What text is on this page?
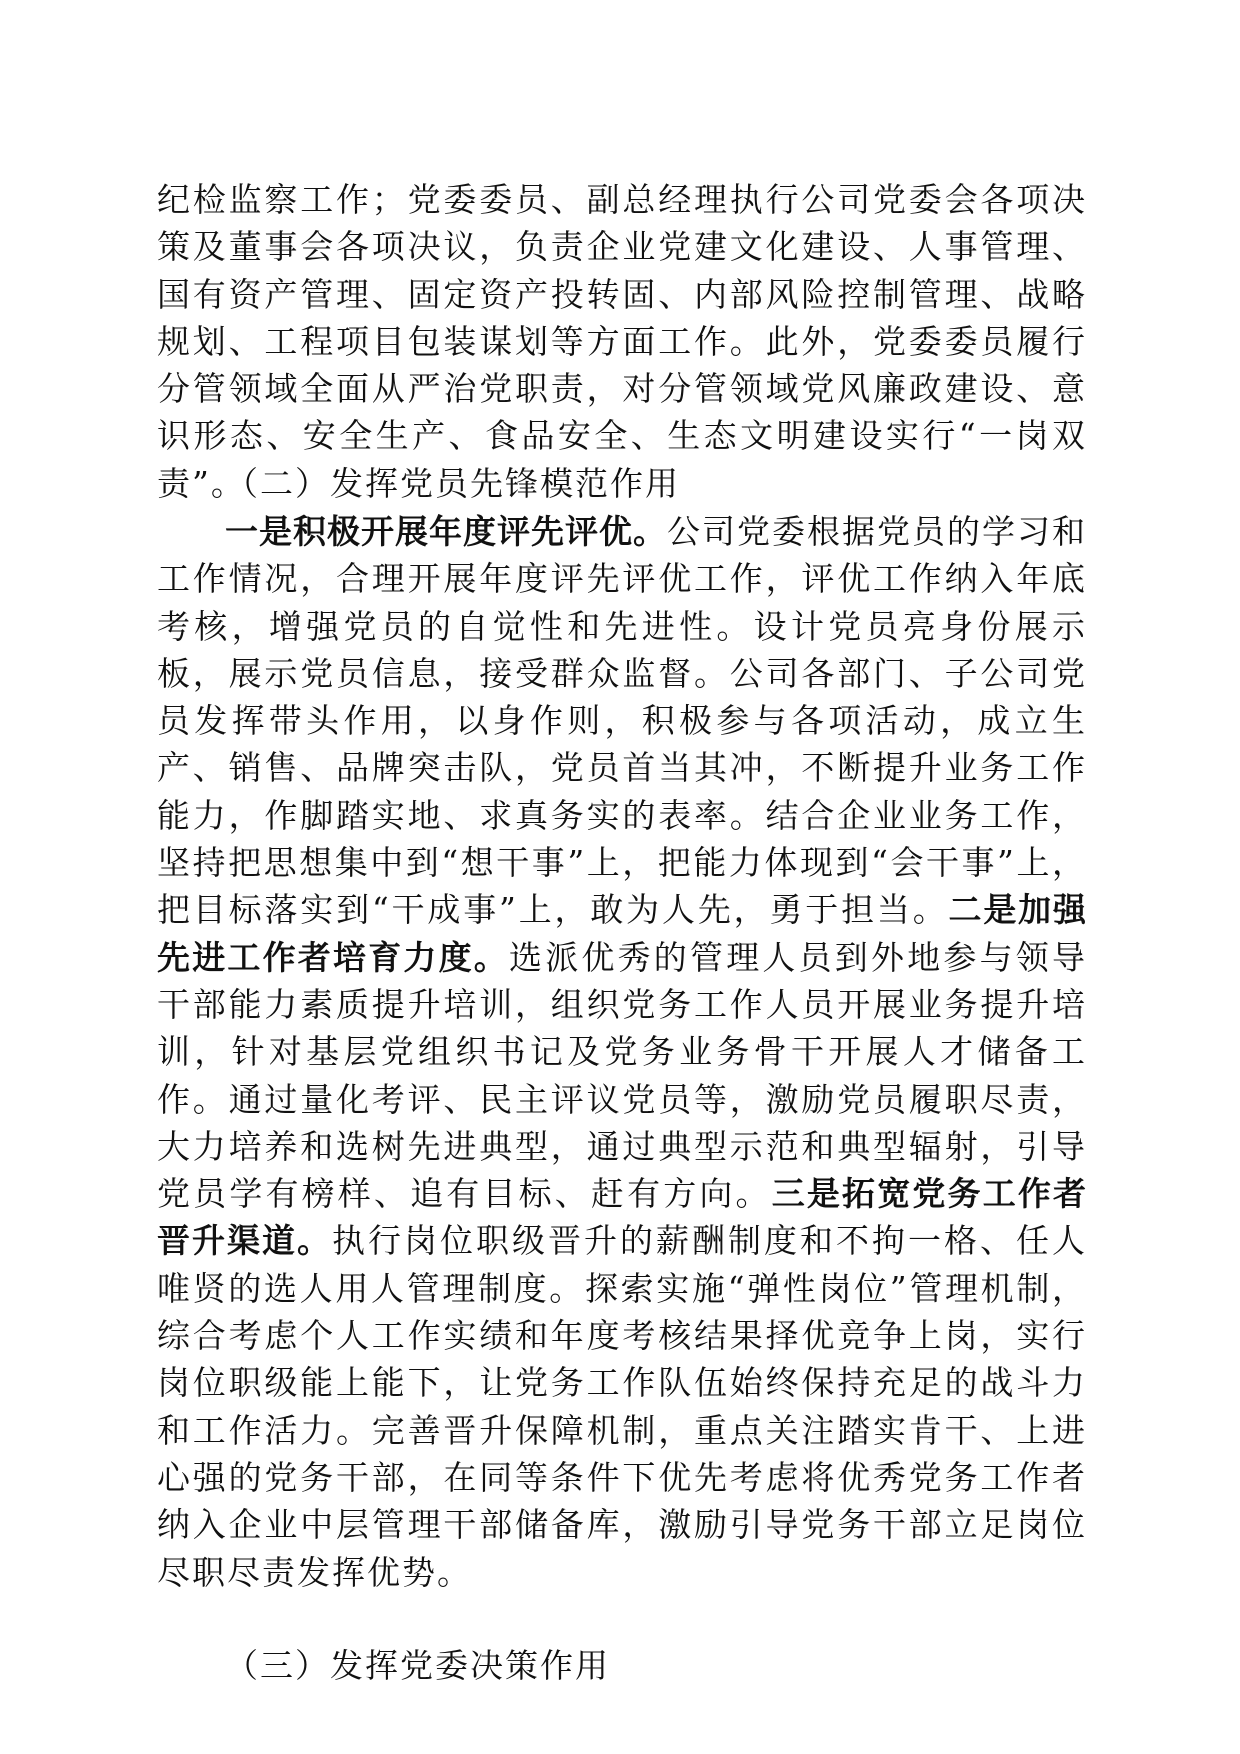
纪检监察工作；党委委员、副总经理执行公司党委会各项决策及董事会各项决议，负责企业党建文化建设、人事管理、国有资产管理、固定资产投转固、内部风险控制管理、战略规划、工程项目包装谋划等方面工作。此外，党委委员履行分管领域全面从严治党职责，对分管领域党风廉政建设、意识形态、安全生产、食品安全、生态文明建设实行“一岗双责”。

（二）发挥党员先锋模范作用

一是积极开展年度评先评优。公司党委根据党员的学习和工作情况，合理开展年度评先评优工作，评优工作纳入年底考核，增强党员的自觉性和先进性。设计党员亮身份展示板，展示党员信息，接受群众监督。公司各部门、子公司党员发挥带头作用，以身作则，积极参与各项活动，成立生产、销售、品牌突击队，党员首当其冲，不断提升业务工作能力，作脚踏实地、求真务实的表率。结合企业业务工作，坚持把思想集中到“想干事”上，把能力体现到“会干事”上，把目标落实到“干成事”上，敢为人先，勇于担当。二是加强先进工作者培育力度。选派优秀的管理人员到外地参与领导干部能力素质提升培训，组织党务工作人员开展业务提升培训，针对基层党组织书记及党务业务骨干开展人才储备工作。通过量化考评、民主评议党员等，激励党员履职尽责，大力培养和选树先进典型，通过典型示范和典型辐射，引导党员学有榜样、追有目标、赶有方向。三是拓宽党务工作者晋升渠道。执行岗位职级晋升的薪酬制度和不拘一格、任人唯贤的选人用人管理制度。探索实施“弹性岗位”管理机制，综合考虑个人工作实绩和年度考核结果择优竞争上岗，实行岗位职级能上能下，让党务工作队伍始终保持充足的战斗力和工作活力。完善晋升保障机制，重点关注踏实肯干、上进心强的党务干部，在同等条件下优先考虑将优秀党务工作者纳入企业中层管理干部储备库，激励引导党务干部立足岗位尽职尽责发挥优势。

（三）发挥党委决策作用
